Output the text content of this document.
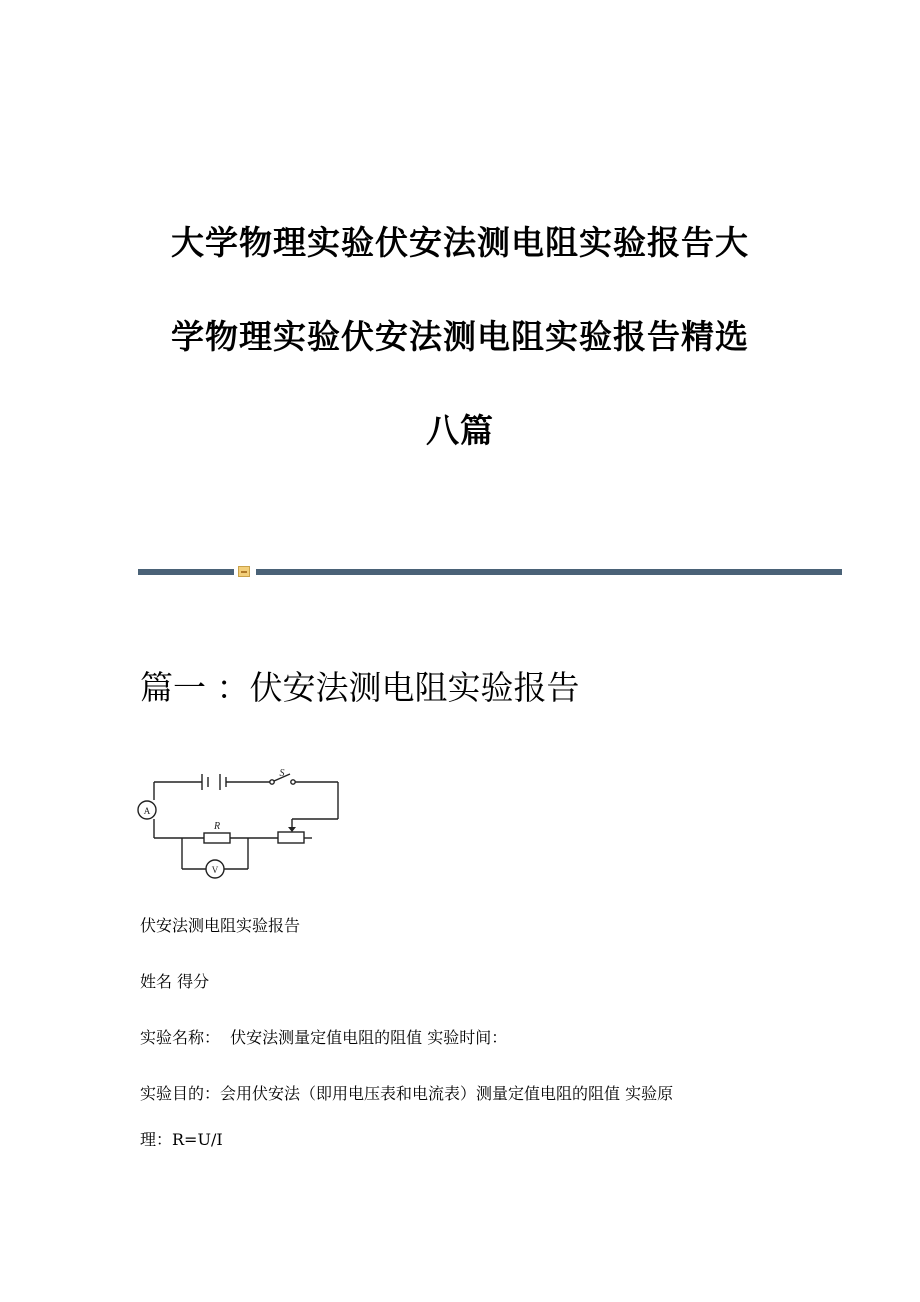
大学物理实验伏安法测电阻实验报告大
学物理实验伏安法测电阻实验报告精选
八篇
篇一 ：伏安法测电阻实验报告
S
R
A
V

伏安法测电阻实验报告

姓名 得分

实验名称：  伏安法测量定值电阻的阻值 实验时间：

实验目的：会用伏安法（即用电压表和电流表）测量定值电阻的阻值 实验原

理：R=U/I
